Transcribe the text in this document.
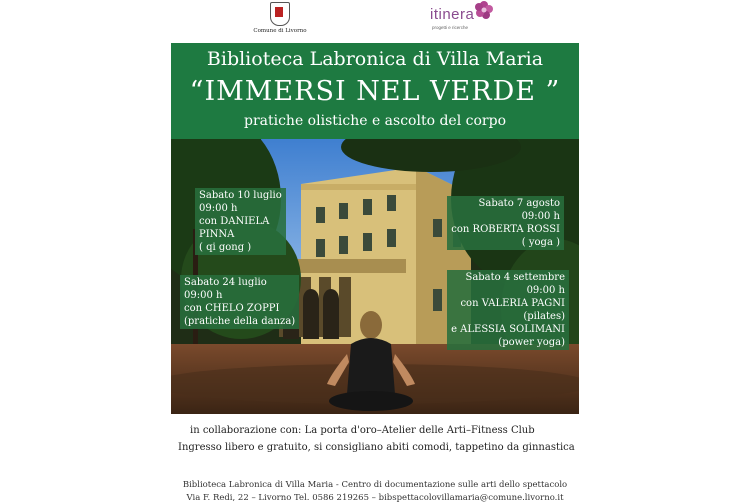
Comune di Livorno
itinera
progetti e ricerche
Biblioteca Labronica di Villa Maria
“IMMERSI NEL VERDE ”
pratiche olistiche e ascolto del corpo
Sabato 10 luglio
09:00 h
con DANIELA
PINNA
( qi gong )
Sabato 24 luglio
09:00 h
con CHELO ZOPPI
(pratiche della danza)
Sabato 7 agosto
09:00 h
con ROBERTA ROSSI
( yoga )
Sabato 4 settembre
09:00 h
con VALERIA PAGNI
(pilates)
e ALESSIA SOLIMANI
(power yoga)
in collaborazione con: La porta d'oro–Atelier delle Arti–Fitness Club
Ingresso libero e gratuito, si consigliano abiti comodi, tappetino da ginnastica
Biblioteca Labronica di Villa Maria - Centro di documentazione sulle arti dello spettacolo
Via F. Redi, 22 – Livorno Tel. 0586 219265 – bibspettacolovillamaria@comune.livorno.it
